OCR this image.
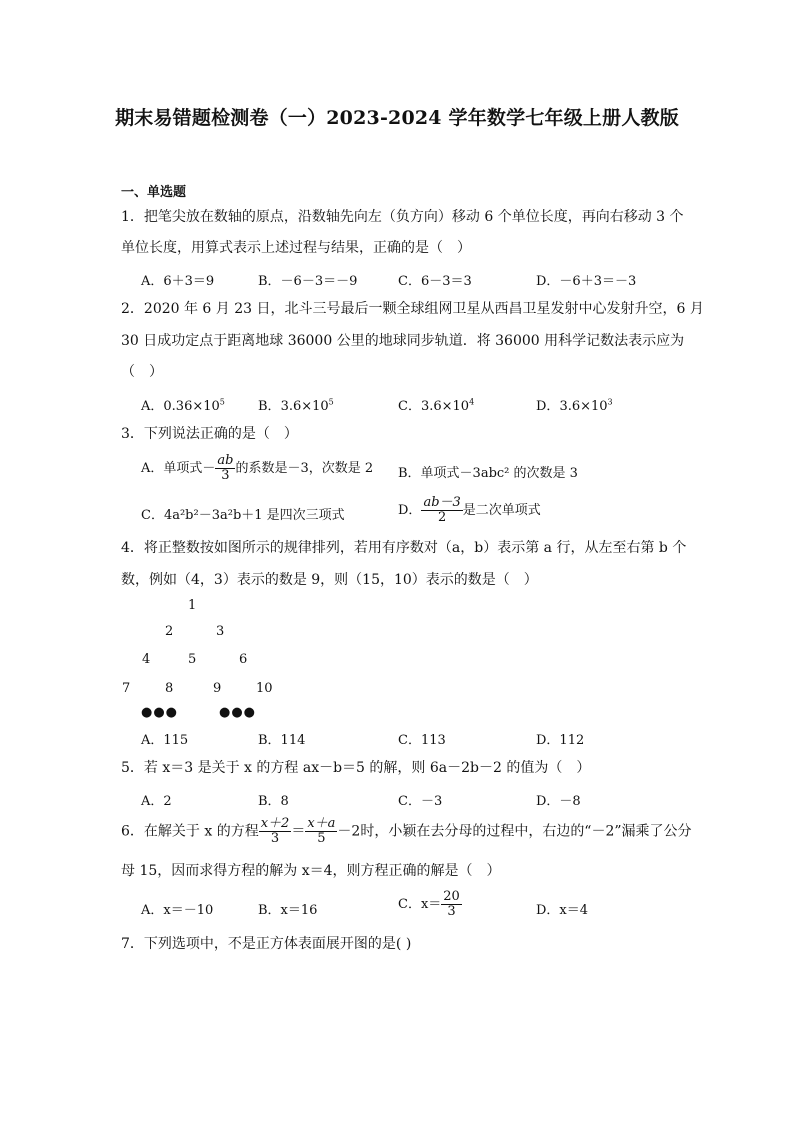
期末易错题检测卷（一）2023-2024 学年数学七年级上册人教版
一、单选题
1．把笔尖放在数轴的原点，沿数轴先向左（负方向）移动 6 个单位长度，再向右移动 3 个
单位长度，用算式表示上述过程与结果，正确的是（　）
A．6＋3＝9	B．－6－3＝－9	C．6－3＝3	D．－6＋3＝－3
2．2020 年 6 月 23 日，北斗三号最后一颗全球组网卫星从西昌卫星发射中心发射升空，6 月
30 日成功定点于距离地球 36000 公里的地球同步轨道．将 36000 用科学记数法表示应为
（　）
A．$0.36\times 10^5$	B．$3.6\times 10^5$	C．$3.6\times 10^4$	D．$3.6\times 10^3$
3．下列说法正确的是（　）
A．单项式－ $\frac{ab}{3}$ 的系数是－3，次数是 2 B．单项式－3abc² 的次数是 3
C．4a²b²－3a²b＋1 是四次三项式	D． $\frac{ab-3}{2}$ 是二次单项式
4．将正整数按如图所示的规律排列，若用有序数对（a，b）表示第 a 行，从左至右第 b 个
数，例如（4，3）表示的数是 9，则（15，10）表示的数是（　）
1
2	3
4	5	6
7	8	9	10
●●●	●●●
A．115	B．114	C．113	D．112
5．若 x＝3 是关于 x 的方程 ax－b＝5 的解，则 6a－2b－2 的值为（　）
A．2	B．8	C．－3	D．－8
6．在解关于 x 的方程 $\frac{x+2}{3} = \frac{x+a}{5} -2$时，小颖在去分母的过程中，右边的“－2”漏乘了公分
母 15，因而求得方程的解为 x＝4，则方程正确的解是（　）
A．x＝－10	B．x＝16	C．$x= \frac{20}{3}$	D．x＝4
7．下列选项中，不是正方体表面展开图的是( )
